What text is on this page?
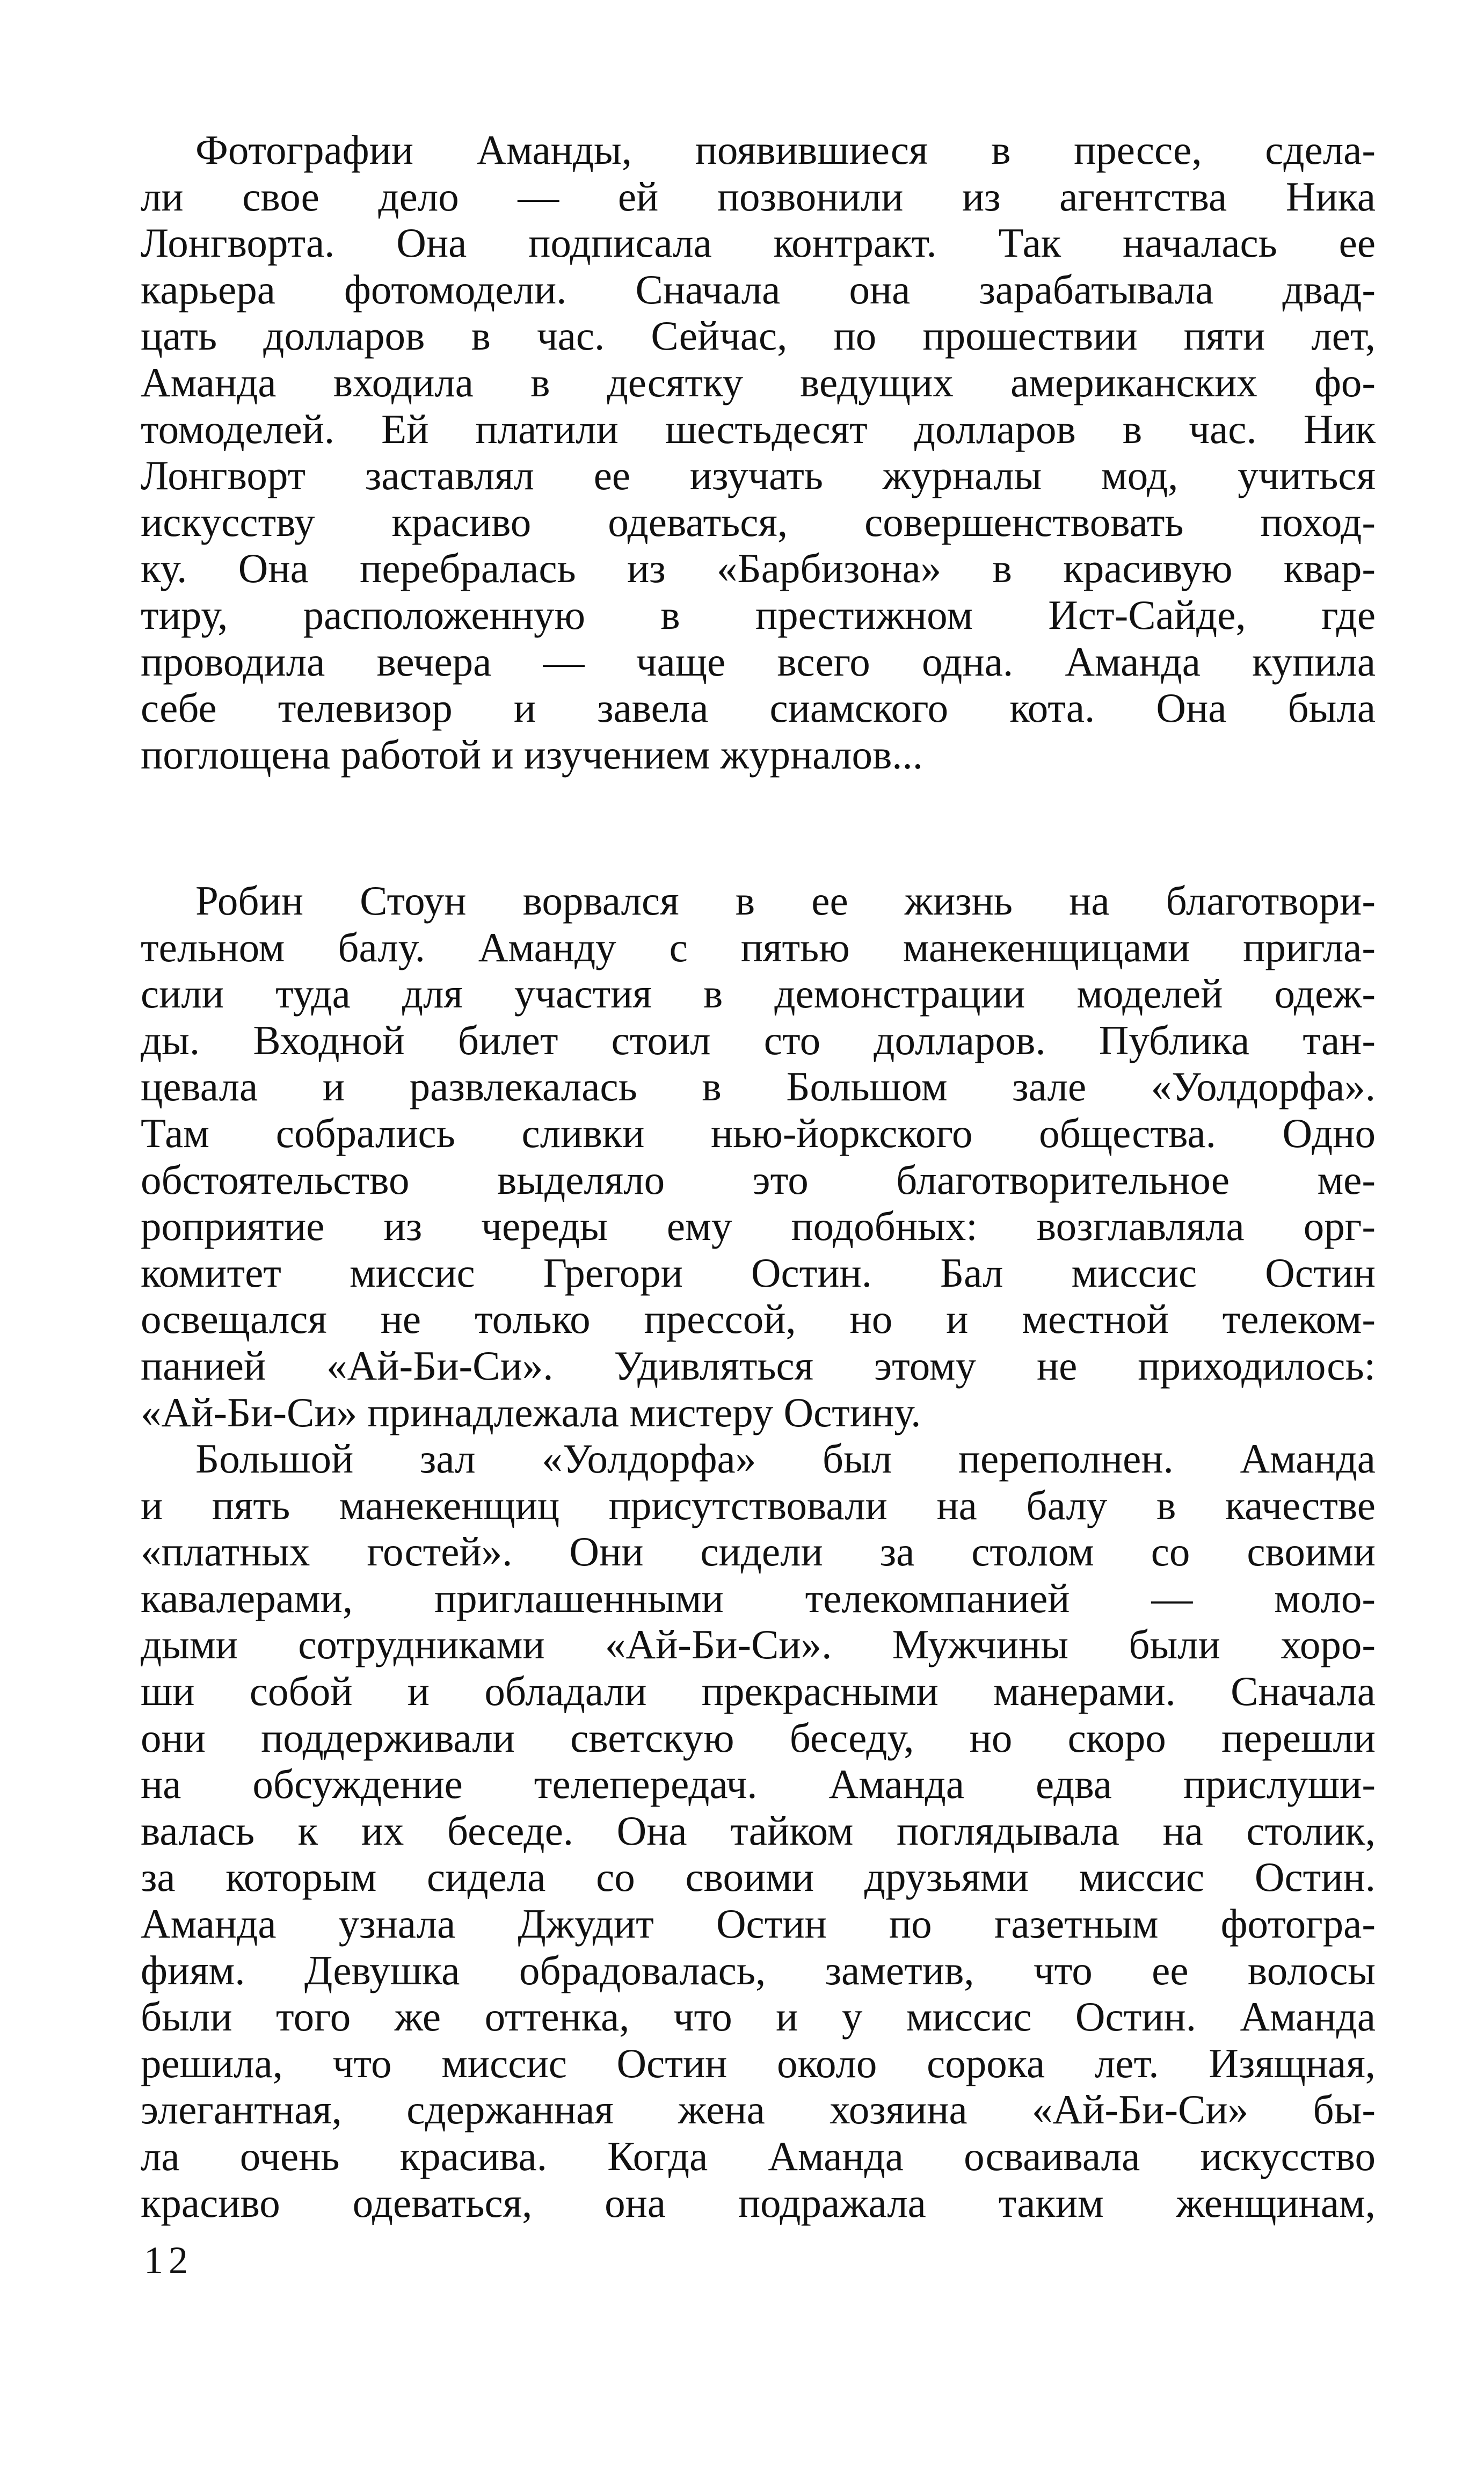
Фотографии Аманды, появившиеся в прессе, сдела-
ли свое дело — ей позвонили из агентства Ника
Лонгворта. Она подписала контракт. Так началась ее
карьера фотомодели. Сначала она зарабатывала двад-
цать долларов в час. Сейчас, по прошествии пяти лет,
Аманда входила в десятку ведущих американских фо-
томоделей. Ей платили шестьдесят долларов в час. Ник
Лонгворт заставлял ее изучать журналы мод, учиться
искусству красиво одеваться, совершенствовать поход-
ку. Она перебралась из «Барбизона» в красивую квар-
тиру, расположенную в престижном Ист-Сайде, где
проводила вечера — чаще всего одна. Аманда купила
себе телевизор и завела сиамского кота. Она была
поглощена работой и изучением журналов...
Робин Стоун ворвался в ее жизнь на благотвори-
тельном балу. Аманду с пятью манекенщицами пригла-
сили туда для участия в демонстрации моделей одеж-
ды. Входной билет стоил сто долларов. Публика тан-
цевала и развлекалась в Большом зале «Уолдорфа».
Там собрались сливки нью-йоркского общества. Одно
обстоятельство выделяло это благотворительное ме-
роприятие из череды ему подобных: возглавляла орг-
комитет миссис Грегори Остин. Бал миссис Остин
освещался не только прессой, но и местной телеком-
панией «Ай-Би-Си». Удивляться этому не приходилось:
«Ай-Би-Си» принадлежала мистеру Остину.
Большой зал «Уолдорфа» был переполнен. Аманда
и пять манекенщиц присутствовали на балу в качестве
«платных гостей». Они сидели за столом со своими
кавалерами, приглашенными телекомпанией — моло-
дыми сотрудниками «Ай-Би-Си». Мужчины были хоро-
ши собой и обладали прекрасными манерами. Сначала
они поддерживали светскую беседу, но скоро перешли
на обсуждение телепередач. Аманда едва прислуши-
валась к их беседе. Она тайком поглядывала на столик,
за которым сидела со своими друзьями миссис Остин.
Аманда узнала Джудит Остин по газетным фотогра-
фиям. Девушка обрадовалась, заметив, что ее волосы
были того же оттенка, что и у миссис Остин. Аманда
решила, что миссис Остин около сорока лет. Изящная,
элегантная, сдержанная жена хозяина «Ай-Би-Си» бы-
ла очень красива. Когда Аманда осваивала искусство
красиво одеваться, она подражала таким женщинам,
12
